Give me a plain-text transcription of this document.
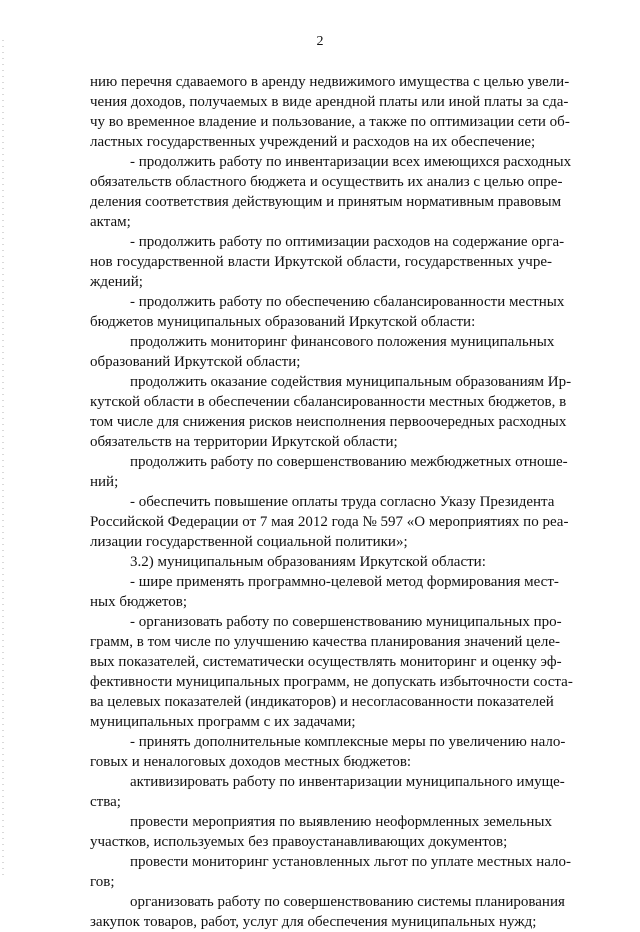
2
нию перечня сдаваемого в аренду недвижимого имущества с целью увели-
чения доходов, получаемых в виде арендной платы или иной платы за сда-
чу во временное владение и пользование, а также по оптимизации сети об-
ластных государственных учреждений и расходов на их обеспечение;
- продолжить работу по инвентаризации всех имеющихся расходных
обязательств областного бюджета и осуществить их анализ с целью опре-
деления соответствия действующим и принятым нормативным правовым
актам;
- продолжить работу по оптимизации расходов на содержание орга-
нов государственной власти Иркутской области, государственных учре-
ждений;
- продолжить работу по обеспечению сбалансированности местных
бюджетов муниципальных образований Иркутской области:
продолжить мониторинг финансового положения муниципальных
образований Иркутской области;
продолжить оказание содействия муниципальным образованиям Ир-
кутской области в обеспечении сбалансированности местных бюджетов, в
том числе для снижения рисков неисполнения первоочередных расходных
обязательств на территории Иркутской области;
продолжить работу по совершенствованию межбюджетных отноше-
ний;
- обеспечить повышение оплаты труда согласно Указу Президента
Российской Федерации от 7 мая 2012 года № 597 «О мероприятиях по реа-
лизации государственной социальной политики»;
3.2) муниципальным образованиям Иркутской области:
- шире применять программно-целевой метод формирования мест-
ных бюджетов;
- организовать работу по совершенствованию муниципальных про-
грамм, в том числе по улучшению качества планирования значений целе-
вых показателей, систематически осуществлять мониторинг и оценку эф-
фективности муниципальных программ, не допускать избыточности соста-
ва целевых показателей (индикаторов) и несогласованности показателей
муниципальных программ с их задачами;
- принять дополнительные комплексные меры по увеличению нало-
говых и неналоговых доходов местных бюджетов:
активизировать работу по инвентаризации муниципального имуще-
ства;
провести мероприятия по выявлению неоформленных земельных
участков, используемых без правоустанавливающих документов;
провести мониторинг установленных льгот по уплате местных нало-
гов;
организовать работу по совершенствованию системы планирования
закупок товаров, работ, услуг для обеспечения муниципальных нужд;
